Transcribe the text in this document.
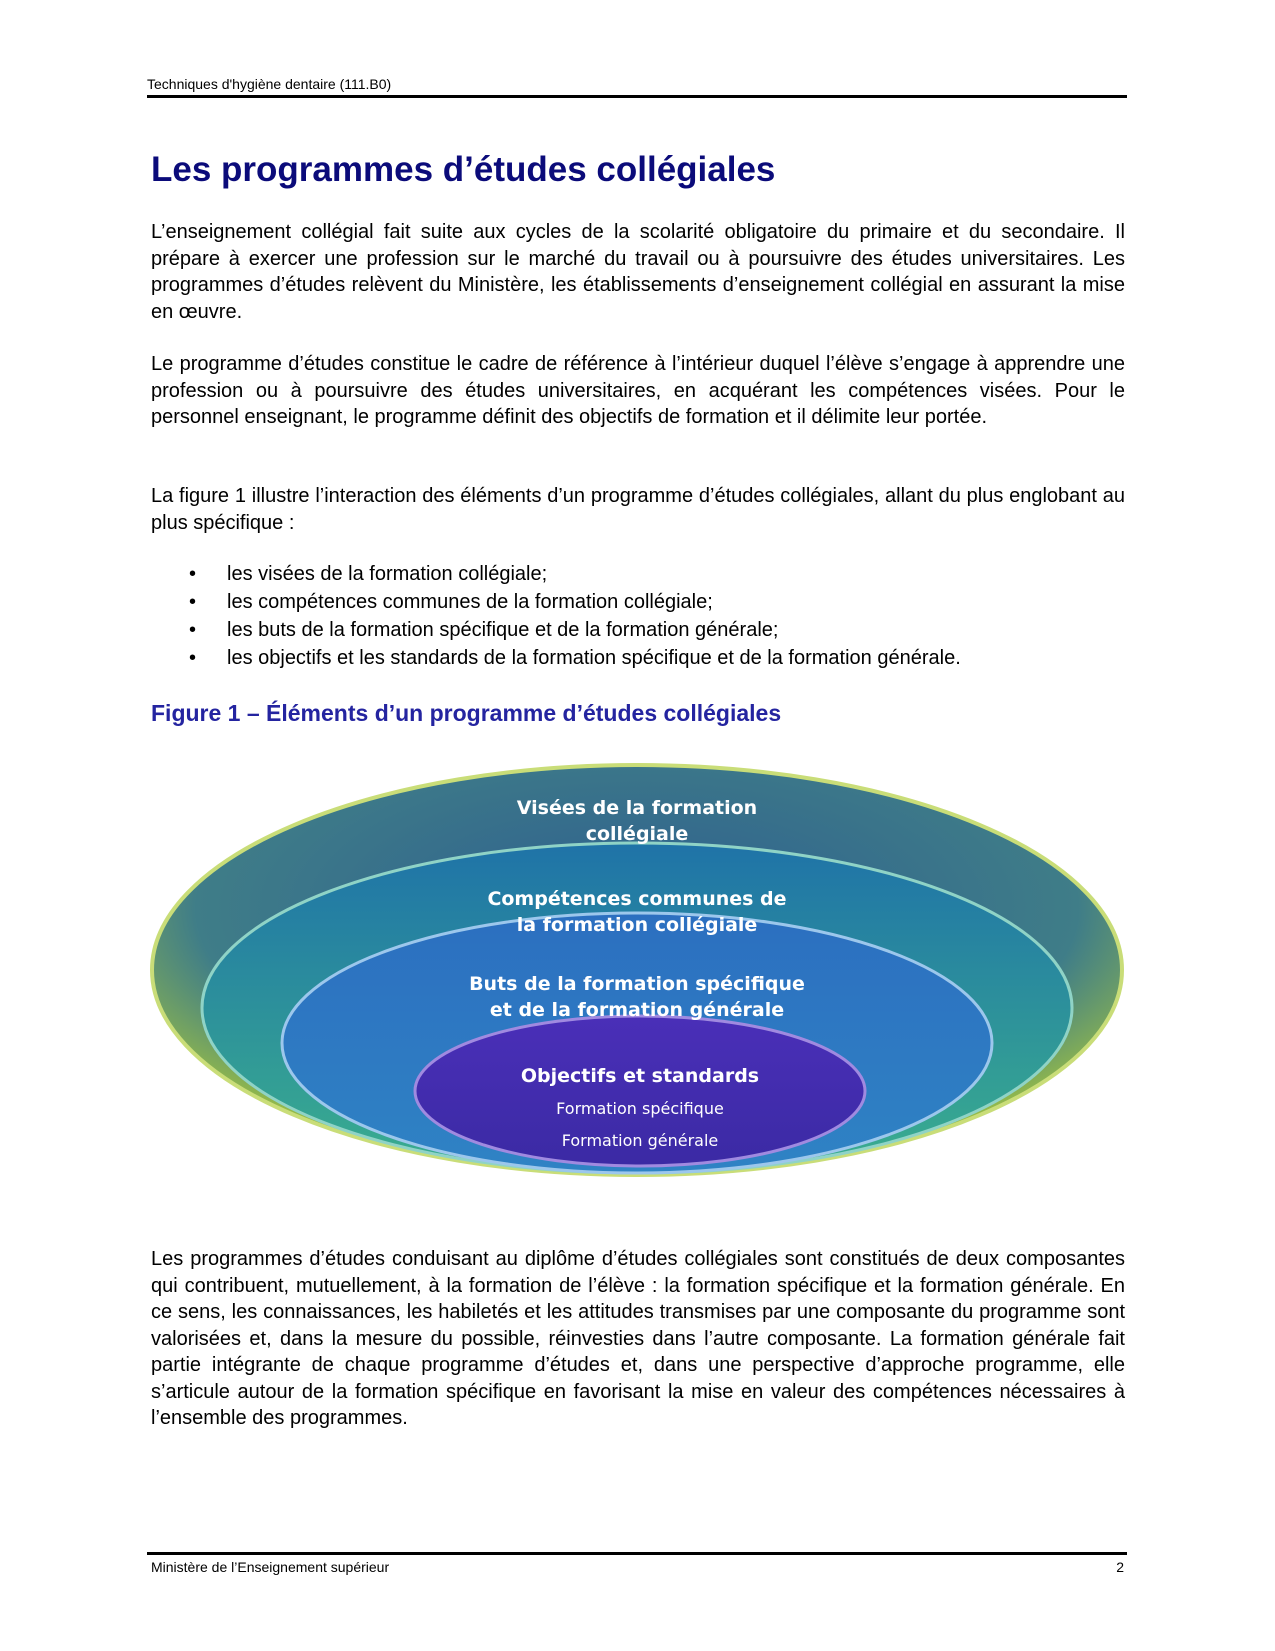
Techniques d'hygiène dentaire (111.B0)
Les programmes d’études collégiales

L’enseignement collégial fait suite aux cycles de la scolarité obligatoire du primaire et du secondaire. Il prépare à exercer une profession sur le marché du travail ou à poursuivre des études universitaires. Les programmes d’études relèvent du Ministère, les établissements d’enseignement collégial en assurant la mise en œuvre.

Le programme d’études constitue le cadre de référence à l’intérieur duquel l’élève s’engage à apprendre une profession ou à poursuivre des études universitaires, en acquérant les compétences visées. Pour le personnel enseignant, le programme définit des objectifs de formation et il délimite leur portée.

La figure 1 illustre l’interaction des éléments d’un programme d’études collégiales, allant du plus englobant au plus spécifique :

• les visées de la formation collégiale;
• les compétences communes de la formation collégiale;
• les buts de la formation spécifique et de la formation générale;
• les objectifs et les standards de la formation spécifique et de la formation générale.
Figure 1 – Éléments d’un programme d’études collégiales
Visées de la formation
collégiale
Compétences communes de
la formation collégiale
Buts de la formation spécifique
et de la formation générale
Objectifs et standards
Formation spécifique
Formation générale

Les programmes d’études conduisant au diplôme d’études collégiales sont constitués de deux composantes qui contribuent, mutuellement, à la formation de l’élève : la formation spécifique et la formation générale. En ce sens, les connaissances, les habiletés et les attitudes transmises par une composante du programme sont valorisées et, dans la mesure du possible, réinvesties dans l’autre composante. La formation générale fait partie intégrante de chaque programme d’études et, dans une perspective d’approche programme, elle s’articule autour de la formation spécifique en favorisant la mise en valeur des compétences nécessaires à l’ensemble des programmes.

Ministère de l’Enseignement supérieur	2
